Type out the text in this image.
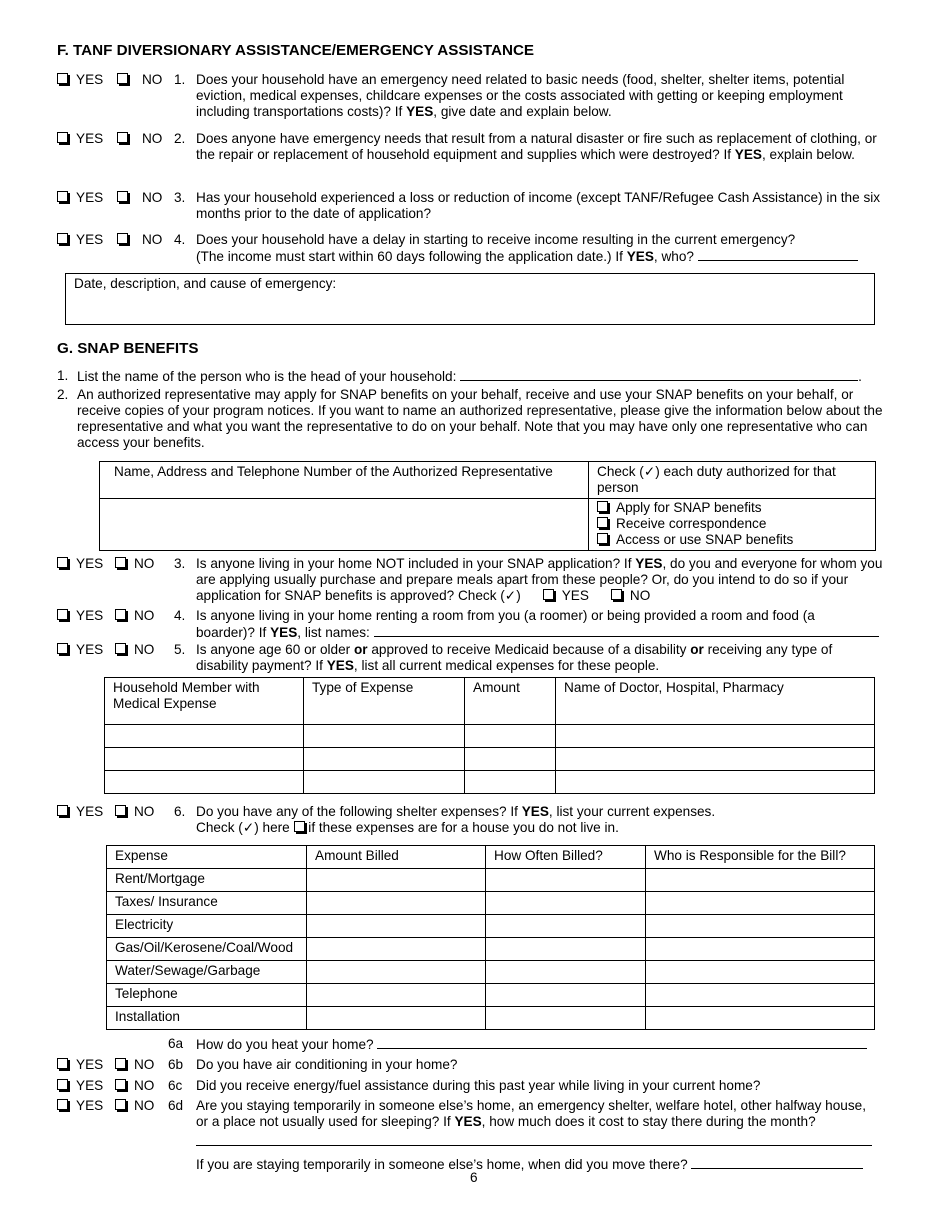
F. TANF DIVERSIONARY ASSISTANCE/EMERGENCY ASSISTANCE
YES	NO 1. Does your household have an emergency need related to basic needs (food, shelter, shelter items, potential eviction, medical expenses, childcare expenses or the costs associated with getting or keeping employment including transportations costs)? If YES, give date and explain below.
YES	NO 2. Does anyone have emergency needs that result from a natural disaster or fire such as replacement of clothing, or the repair or replacement of household equipment and supplies which were destroyed? If YES, explain below.
YES	NO 3. Has your household experienced a loss or reduction of income (except TANF/Refugee Cash Assistance) in the six months prior to the date of application?
YES	NO 4. Does your household have a delay in starting to receive income resulting in the current emergency?
(The income must start within 60 days following the application date.) If YES, who?
Date, description, and cause of emergency:
G. SNAP BENEFITS
1. List the name of the person who is the head of your household:	.
2. An authorized representative may apply for SNAP benefits on your behalf, receive and use your SNAP benefits on your behalf, or receive copies of your program notices. If you want to name an authorized representative, please give the information below about the representative and what you want the representative to do on your behalf. Note that you may have only one representative who can access your benefits.
Name, Address and Telephone Number of the Authorized Representative	Check (✓) each duty authorized for that person

	Apply for SNAP benefits
Receive correspondence
Access or use SNAP benefits
YES NO 3. Is anyone living in your home NOT included in your SNAP application? If YES, do you and everyone for whom you are applying usually purchase and prepare meals apart from these people? Or, do you intend to do so if your application for SNAP benefits is approved? Check (✓)	YES	NO
YES NO 4. Is anyone living in your home renting a room from you (a roomer) or being provided a room and food (a
boarder)? If YES, list names:
YES NO 5. Is anyone age 60 or older or approved to receive Medicaid because of a disability or receiving any type of
disability payment? If YES, list all current medical expenses for these people.
Household Member with Medical Expense	Type of Expense	Amount	Name of Doctor, Hospital, Pharmacy

YES NO 6. Do you have any of the following shelter expenses? If YES, list your current expenses.
Check (✓) here  if these expenses are for a house you do not live in.
Expense	Amount Billed	How Often Billed?	Who is Responsible for the Bill?
Rent/Mortgage			
Taxes/ Insurance			
Electricity			
Gas/Oil/Kerosene/Coal/Wood			
Water/Sewage/Garbage			
Telephone			
Installation			
6a How do you heat your home?
YES NO 6b Do you have air conditioning in your home?
YES NO 6c Did you receive energy/fuel assistance during this past year while living in your current home?
YES NO 6d Are you staying temporarily in someone else’s home, an emergency shelter, welfare hotel, other halfway house,
or a place not usually used for sleeping? If YES, how much does it cost to stay there during the month?
If you are staying temporarily in someone else’s home, when did you move there?
6
